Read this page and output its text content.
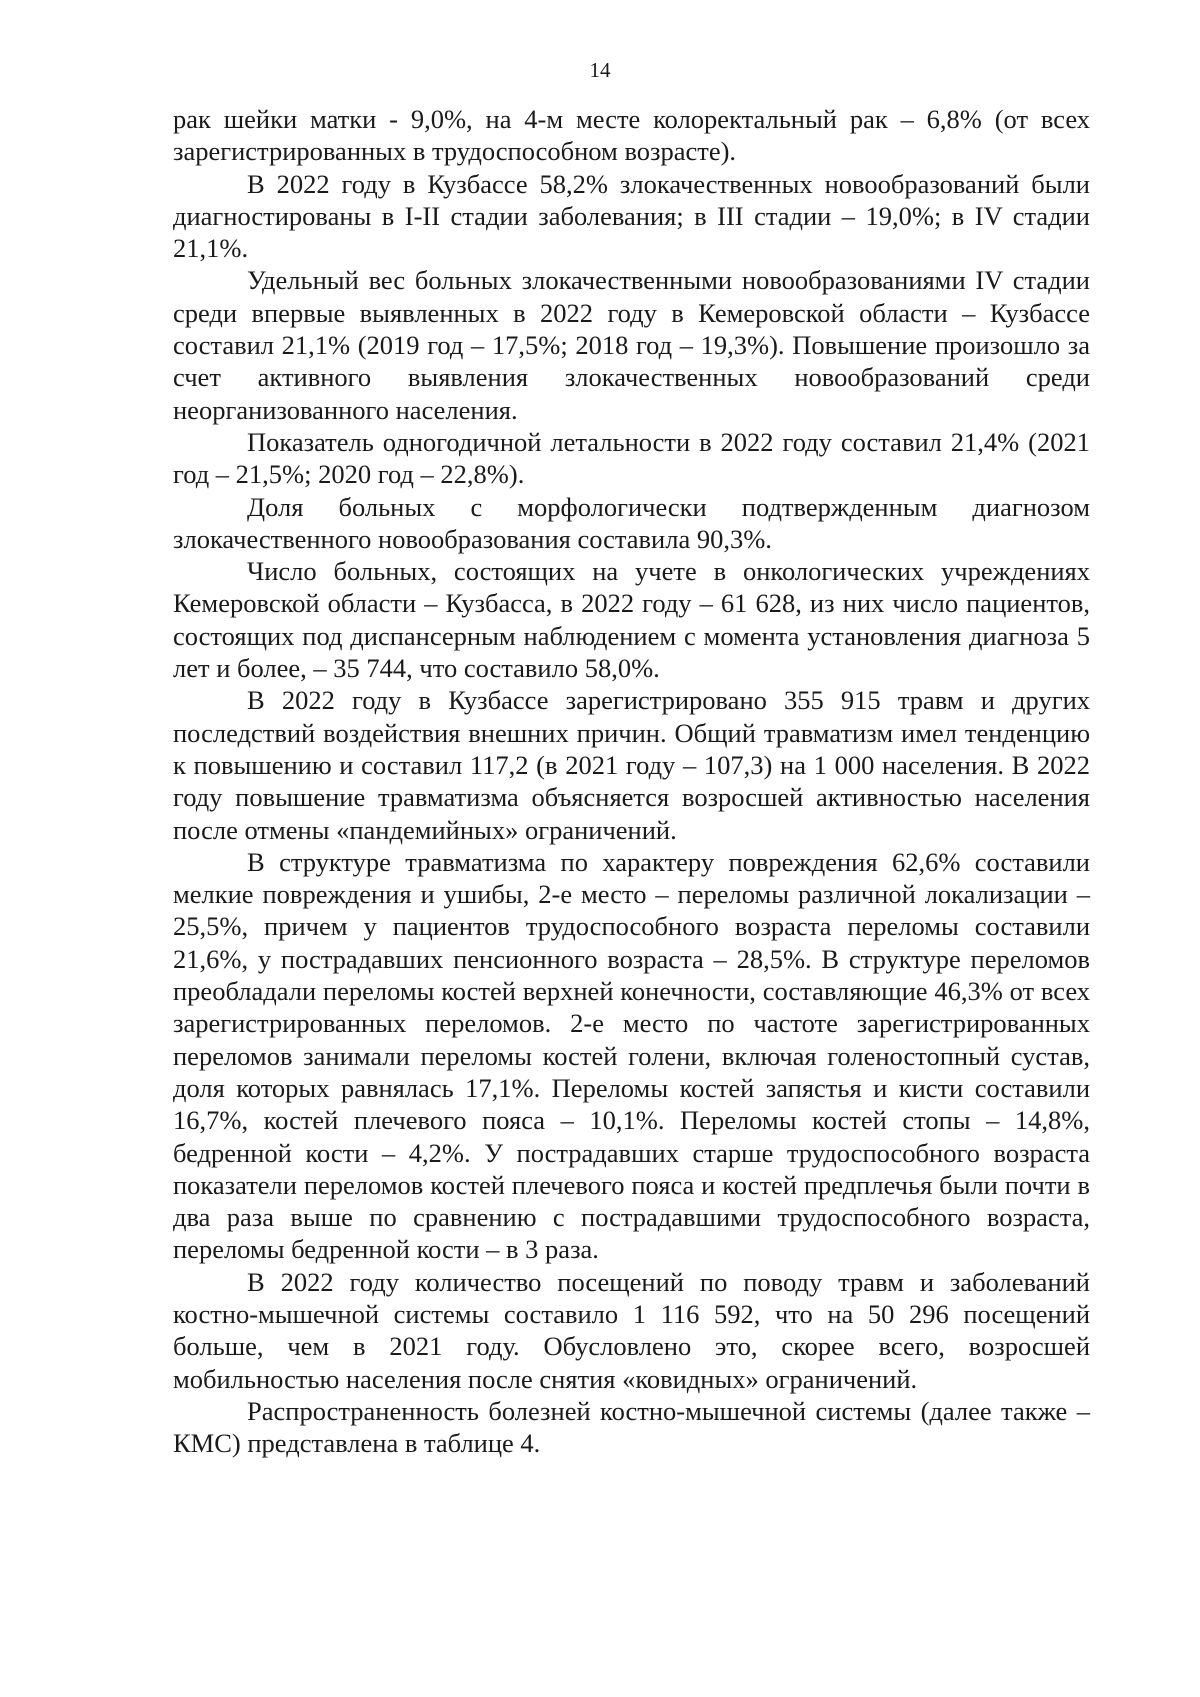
14

рак шейки матки - 9,0%, на 4-м месте колоректальный рак – 6,8% (от всех зарегистрированных в трудоспособном возрасте).

В 2022 году в Кузбассе 58,2% злокачественных новообразований были диагностированы в I-II стадии заболевания; в III стадии – 19,0%; в IV стадии 21,1%.

Удельный вес больных злокачественными новообразованиями IV стадии среди впервые выявленных в 2022 году в Кемеровской области – Кузбассе составил 21,1% (2019 год – 17,5%; 2018 год – 19,3%). Повышение произошло за счет активного выявления злокачественных новообразований среди неорганизованного населения.

Показатель одногодичной летальности в 2022 году составил 21,4% (2021 год – 21,5%; 2020 год – 22,8%).

Доля больных с морфологически подтвержденным диагнозом злокачественного новообразования составила 90,3%.

Число больных, состоящих на учете в онкологических учреждениях Кемеровской области – Кузбасса, в 2022 году – 61 628, из них число пациентов, состоящих под диспансерным наблюдением с момента установления диагноза 5 лет и более, – 35 744, что составило 58,0%.

В 2022 году в Кузбассе зарегистрировано 355 915 травм и других последствий воздействия внешних причин. Общий травматизм имел тенденцию к повышению и составил 117,2 (в 2021 году – 107,3) на 1 000 населения. В 2022 году повышение травматизма объясняется возросшей активностью населения после отмены «пандемийных» ограничений.

В структуре травматизма по характеру повреждения 62,6% составили мелкие повреждения и ушибы, 2-е место – переломы различной локализации – 25,5%, причем у пациентов трудоспособного возраста переломы составили 21,6%, у пострадавших пенсионного возраста – 28,5%. В структуре переломов преобладали переломы костей верхней конечности, составляющие 46,3% от всех зарегистрированных переломов. 2-е место по частоте зарегистрированных переломов занимали переломы костей голени, включая голеностопный сустав, доля которых равнялась 17,1%. Переломы костей запястья и кисти составили 16,7%, костей плечевого пояса – 10,1%. Переломы костей стопы – 14,8%, бедренной кости – 4,2%. У пострадавших старше трудоспособного возраста показатели переломов костей плечевого пояса и костей предплечья были почти в два раза выше по сравнению с пострадавшими трудоспособного возраста, переломы бедренной кости – в 3 раза.

В 2022 году количество посещений по поводу травм и заболеваний костно-мышечной системы составило 1 116 592, что на 50 296 посещений больше, чем в 2021 году. Обусловлено это, скорее всего, возросшей мобильностью населения после снятия «ковидных» ограничений.

Распространенность болезней костно-мышечной системы (далее также – КМС) представлена в таблице 4.
